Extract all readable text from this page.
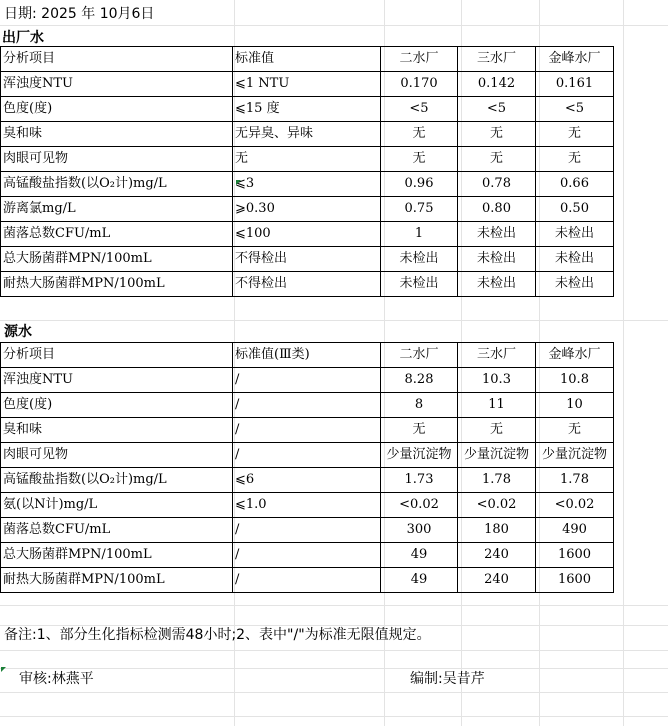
日期: 2025 年 10月6日
出厂水
分析项目	标准值	二水厂	三水厂	金峰水厂
浑浊度NTU	⩽1 NTU	0.170	0.142	0.161
色度(度)	⩽15 度	<5	<5	<5
臭和味	无异臭、异味	无	无	无
肉眼可见物	无	无	无	无
高锰酸盐指数(以O₂计)mg/L	⩽3	0.96	0.78	0.66
游离氯mg/L	⩾0.30	0.75	0.80	0.50
菌落总数CFU/mL	⩽100	1	未检出	未检出
总大肠菌群MPN/100mL	不得检出	未检出	未检出	未检出
耐热大肠菌群MPN/100mL	不得检出	未检出	未检出	未检出
源水
分析项目	标准值(Ⅲ类)	二水厂	三水厂	金峰水厂
浑浊度NTU	/	8.28	10.3	10.8
色度(度)	/	8	11	10
臭和味	/	无	无	无
肉眼可见物	/	少量沉淀物	少量沉淀物	少量沉淀物
高锰酸盐指数(以O₂计)mg/L	⩽6	1.73	1.78	1.78
氨(以N计)mg/L	⩽1.0	<0.02	<0.02	<0.02
菌落总数CFU/mL	/	300	180	490
总大肠菌群MPN/100mL	/	49	240	1600
耐热大肠菌群MPN/100mL	/	49	240	1600
备注:1、部分生化指标检测需48小时;2、表中"/"为标准无限值规定。
审核:林燕平	编制:吴昔芹
